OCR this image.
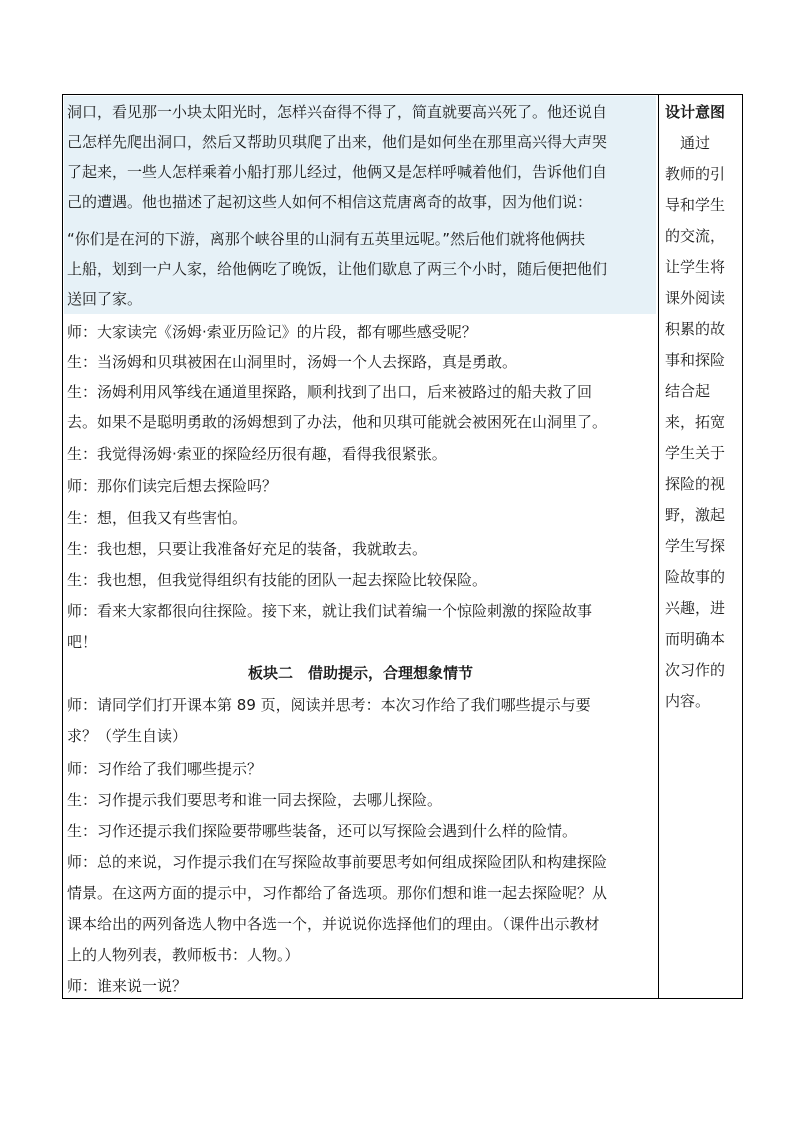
洞口，看见那一小块太阳光时，怎样兴奋得不得了，简直就要高兴死了。他还说自
己怎样先爬出洞口，然后又帮助贝琪爬了出来，他们是如何坐在那里高兴得大声哭
了起来，一些人怎样乘着小船打那儿经过，他俩又是怎样呼喊着他们，告诉他们自
己的遭遇。他也描述了起初这些人如何不相信这荒唐离奇的故事，因为他们说：
“你们是在河的下游，离那个峡谷里的山洞有五英里远呢。”然后他们就将他俩扶
上船，划到一户人家，给他俩吃了晚饭，让他们歇息了两三个小时，随后便把他们
送回了家。
师：大家读完《汤姆·索亚历险记》的片段，都有哪些感受呢？
生：当汤姆和贝琪被困在山洞里时，汤姆一个人去探路，真是勇敢。
生：汤姆利用风筝线在通道里探路，顺利找到了出口，后来被路过的船夫救了回
去。如果不是聪明勇敢的汤姆想到了办法，他和贝琪可能就会被困死在山洞里了。
生：我觉得汤姆·索亚的探险经历很有趣，看得我很紧张。
师：那你们读完后想去探险吗？
生：想，但我又有些害怕。
生：我也想，只要让我准备好充足的装备，我就敢去。
生：我也想，但我觉得组织有技能的团队一起去探险比较保险。
师：看来大家都很向往探险。接下来，就让我们试着编一个惊险刺激的探险故事
吧！
板块二　借助提示，合理想象情节
师：请同学们打开课本第 89 页，阅读并思考：本次习作给了我们哪些提示与要
求？（学生自读）
师：习作给了我们哪些提示？
生：习作提示我们要思考和谁一同去探险，去哪儿探险。
生：习作还提示我们探险要带哪些装备，还可以写探险会遇到什么样的险情。
师：总的来说，习作提示我们在写探险故事前要思考如何组成探险团队和构建探险
情景。在这两方面的提示中，习作都给了备选项。那你们想和谁一起去探险呢？从
课本给出的两列备选人物中各选一个，并说说你选择他们的理由。（课件出示教材
上的人物列表，教师板书：人物。）
师：谁来说一说？
设计意图
　通过
教师的引
导和学生
的交流，
让学生将
课外阅读
积累的故
事和探险
结合起
来，拓宽
学生关于
探险的视
野，激起
学生写探
险故事的
兴趣，进
而明确本
次习作的
内容。
